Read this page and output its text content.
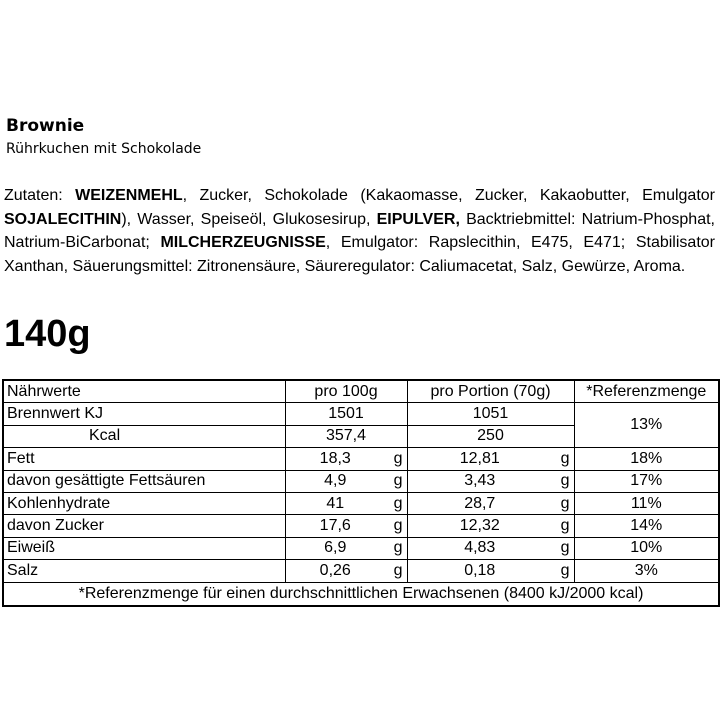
Brownie
Rührkuchen mit Schokolade
Zutaten: WEIZENMEHL, Zucker, Schokolade (Kakaomasse, Zucker, Kakaobutter, Emulgator SOJALECITHIN), Wasser, Speiseöl, Glukosesirup, EIPULVER, Backtriebmittel: Natrium-Phosphat, Natrium-BiCarbonat; MILCHERZEUGNISSE, Emulgator: Rapslecithin, E475, E471; Stabilisator Xanthan, Säuerungsmittel: Zitronensäure, Säureregulator: Caliumacetat, Salz, Gewürze, Aroma.
140g
Nährwerte	pro 100g		pro Portion (70g)		*Referenzmenge
Brennwert KJ	1501		1051		13%
Kcal	357,4		250		
Fett	18,3	g	12,81	g	18%
davon gesättigte Fettsäuren	4,9	g	3,43	g	17%
Kohlenhydrate	41	g	28,7	g	11%
davon Zucker	17,6	g	12,32	g	14%
Eiweiß	6,9	g	4,83	g	10%
Salz	0,26	g	0,18	g	3%
*Referenzmenge für einen durchschnittlichen Erwachsenen (8400 kJ/2000 kcal)					
